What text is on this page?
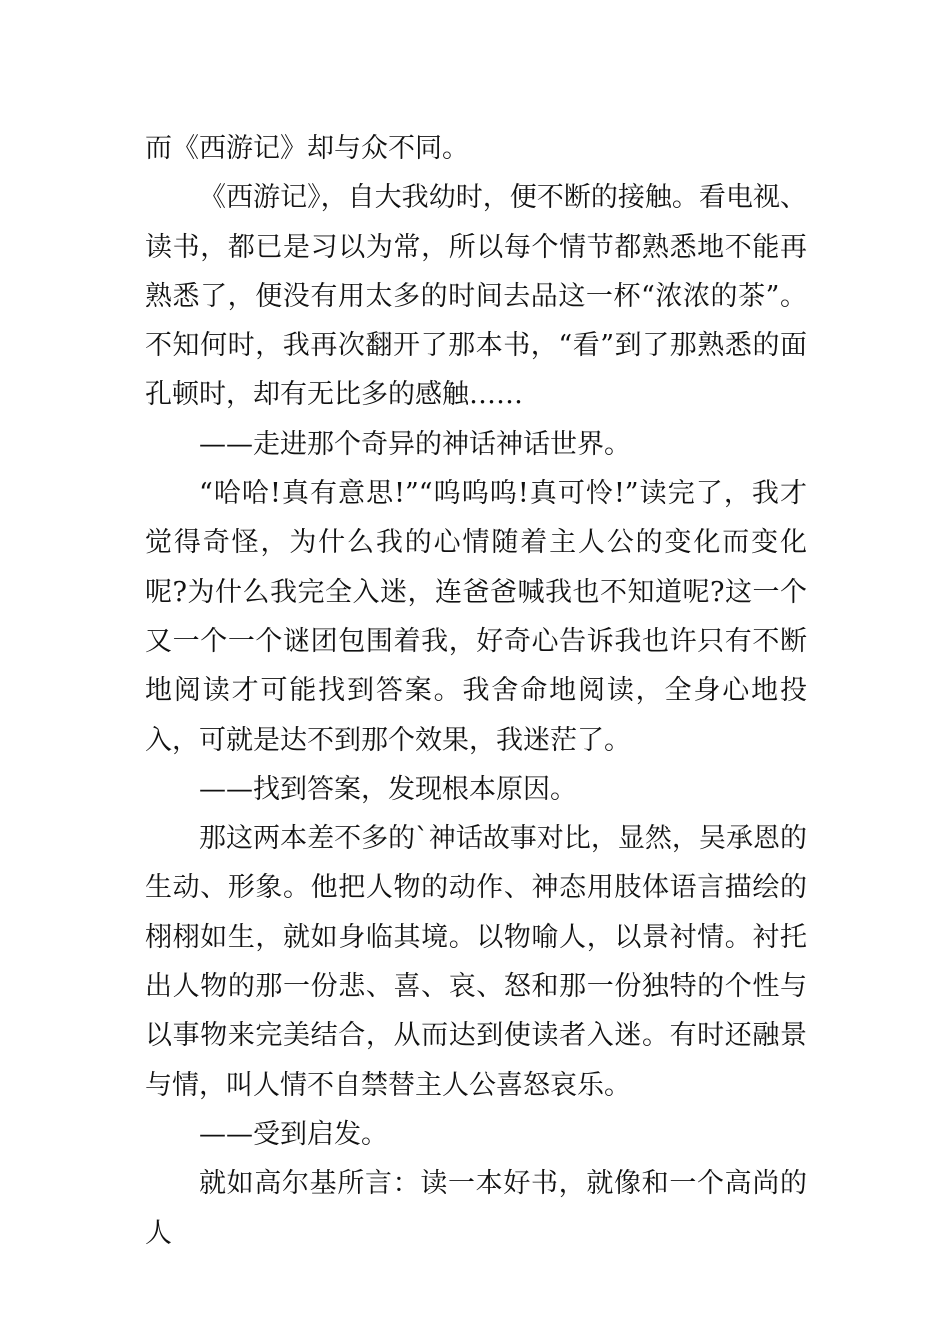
而《西游记》却与众不同。

《西游记》，自大我幼时，便不断的接触。看电视、读书，都已是习以为常，所以每个情节都熟悉地不能再熟悉了，便没有用太多的时间去品这一杯“浓浓的茶”。不知何时，我再次翻开了那本书，“看”到了那熟悉的面孔顿时，却有无比多的感触……

——走进那个奇异的神话神话世界。

“哈哈!真有意思!”“呜呜呜!真可怜!”读完了，我才觉得奇怪，为什么我的心情随着主人公的变化而变化呢?为什么我完全入迷，连爸爸喊我也不知道呢?这一个又一个一个谜团包围着我，好奇心告诉我也许只有不断地阅读才可能找到答案。我舍命地阅读，全身心地投入，可就是达不到那个效果，我迷茫了。

——找到答案，发现根本原因。

那这两本差不多的`神话故事对比，显然，吴承恩的生动、形象。他把人物的动作、神态用肢体语言描绘的栩栩如生，就如身临其境。以物喻人，以景衬情。衬托出人物的那一份悲、喜、哀、怒和那一份独特的个性与以事物来完美结合，从而达到使读者入迷。有时还融景与情，叫人情不自禁替主人公喜怒哀乐。

——受到启发。

就如高尔基所言：读一本好书，就像和一个高尚的人
